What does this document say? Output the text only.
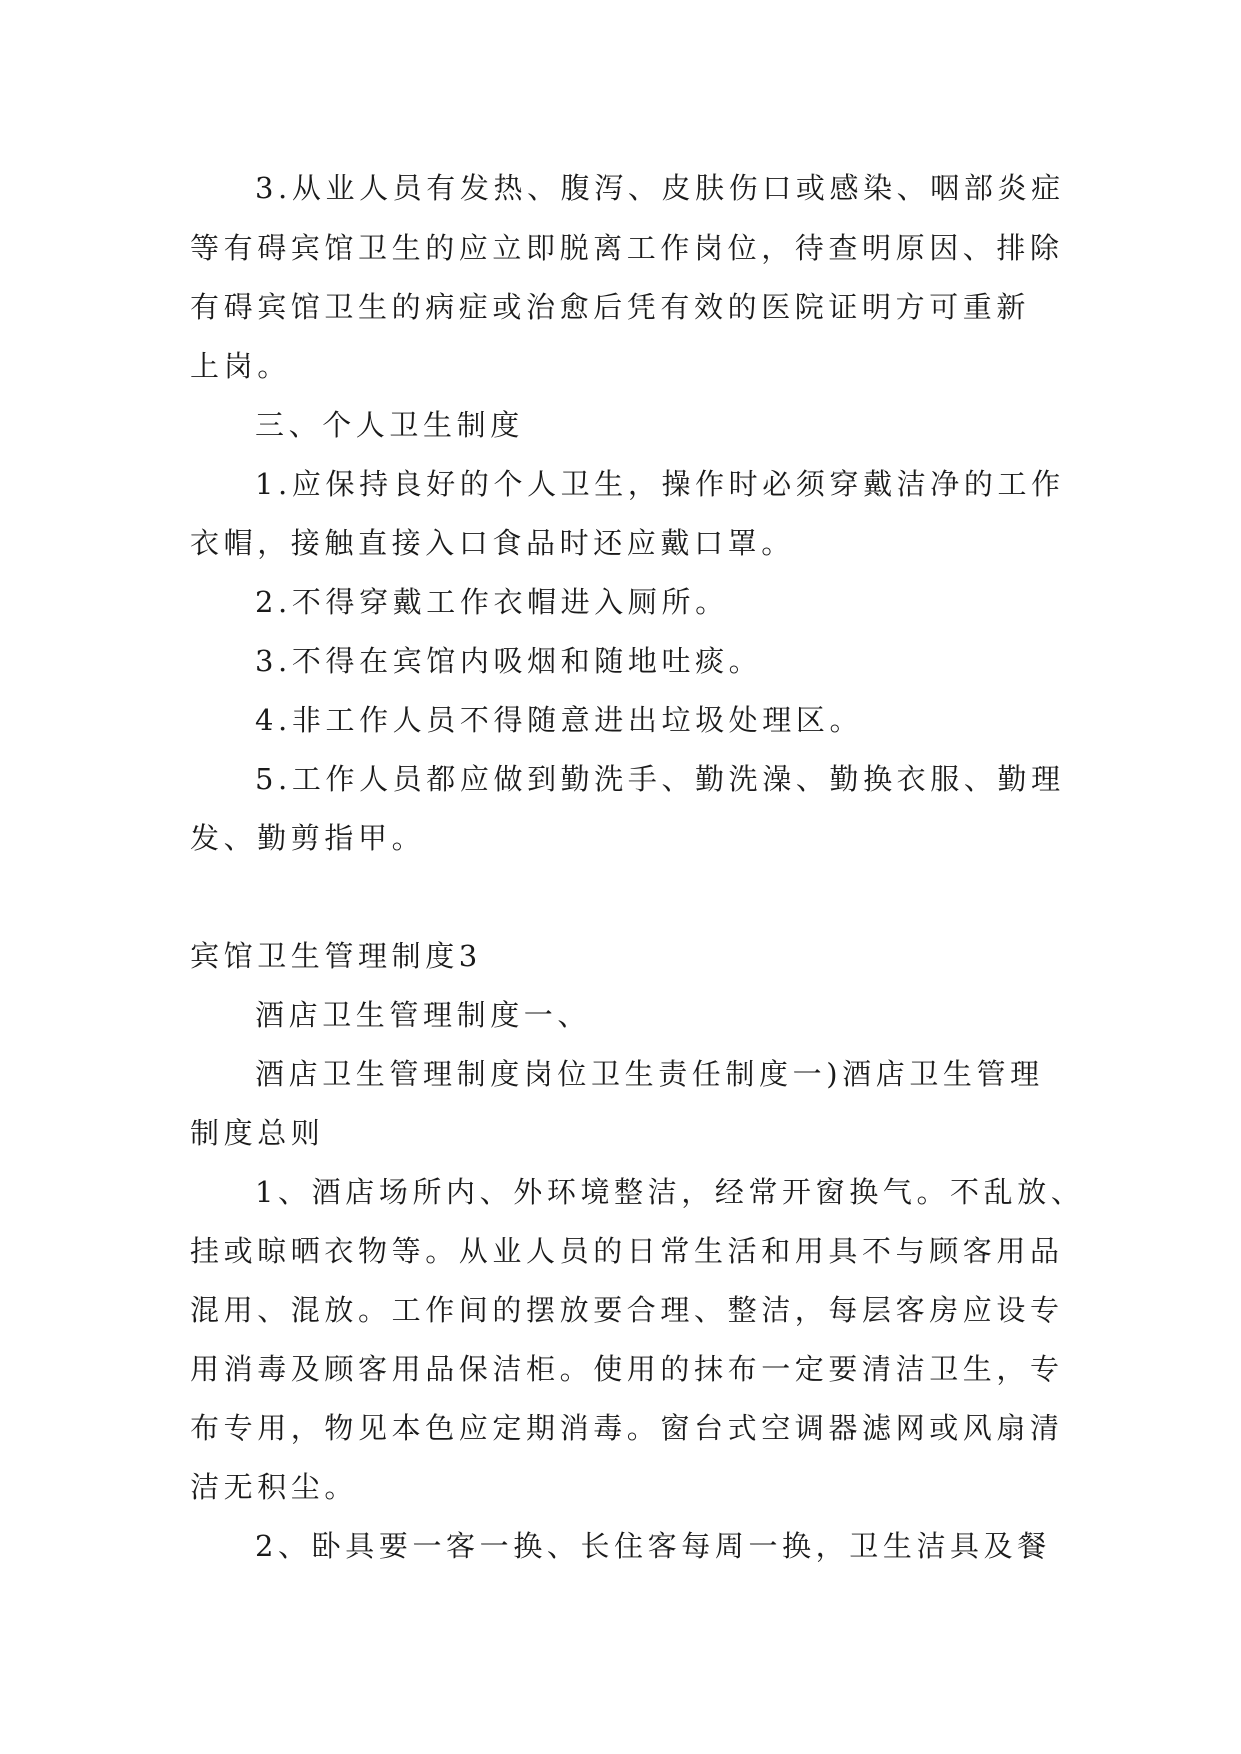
3.从业人员有发热、腹泻、皮肤伤口或感染、咽部炎症
等有碍宾馆卫生的应立即脱离工作岗位，待查明原因、排除
有碍宾馆卫生的病症或治愈后凭有效的医院证明方可重新
上岗。
三、个人卫生制度
1.应保持良好的个人卫生，操作时必须穿戴洁净的工作
衣帽，接触直接入口食品时还应戴口罩。
2.不得穿戴工作衣帽进入厕所。
3.不得在宾馆内吸烟和随地吐痰。
4.非工作人员不得随意进出垃圾处理区。
5.工作人员都应做到勤洗手、勤洗澡、勤换衣服、勤理
发、勤剪指甲。
宾馆卫生管理制度3
酒店卫生管理制度一、
酒店卫生管理制度岗位卫生责任制度一)酒店卫生管理
制度总则
1、酒店场所内、外环境整洁，经常开窗换气。不乱放、
挂或晾晒衣物等。从业人员的日常生活和用具不与顾客用品
混用、混放。工作间的摆放要合理、整洁，每层客房应设专
用消毒及顾客用品保洁柜。使用的抹布一定要清洁卫生，专
布专用，物见本色应定期消毒。窗台式空调器滤网或风扇清
洁无积尘。
2、卧具要一客一换、长住客每周一换，卫生洁具及餐
